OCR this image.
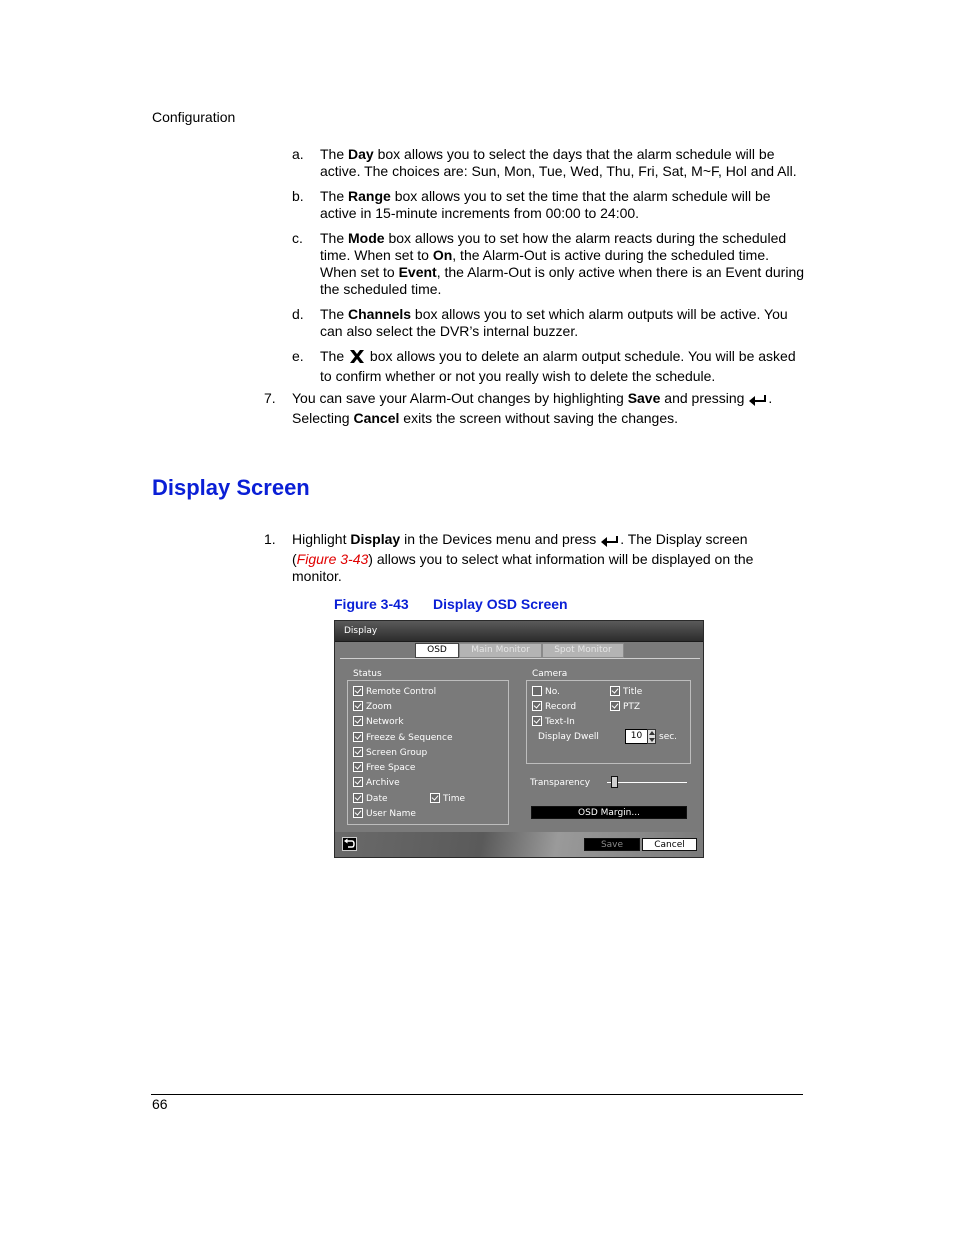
Configuration
a. The Day box allows you to select the days that the alarm schedule will be active. The choices are: Sun, Mon, Tue, Wed, Thu, Fri, Sat, M~F, Hol and All.
b. The Range box allows you to set the time that the alarm schedule will be active in 15-minute increments from 00:00 to 24:00.
c. The Mode box allows you to set how the alarm reacts during the scheduled time. When set to On, the Alarm-Out is active during the scheduled time. When set to Event, the Alarm-Out is only active when there is an Event during the scheduled time.
d. The Channels box allows you to set which alarm outputs will be active. You can also select the DVR’s internal buzzer.
e. The  box allows you to delete an alarm output schedule. You will be asked to confirm whether or not you really wish to delete the schedule.
7. You can save your Alarm-Out changes by highlighting Save and pressing . Selecting Cancel exits the screen without saving the changes.
Display Screen
1. Highlight Display in the Devices menu and press . The Display screen (Figure 3-43) allows you to select what information will be displayed on the monitor.
Figure 3-43 Display OSD Screen
Display
OSD	Main Monitor	Spot Monitor
Status
Remote Control
Zoom
Network
Freeze & Sequence
Screen Group
Free Space
Archive
Date	Time
User Name
Camera
No.	Title
Record	PTZ
Text-In
Display Dwell	10	sec.
Transparency
OSD Margin...
Save	Cancel
66
